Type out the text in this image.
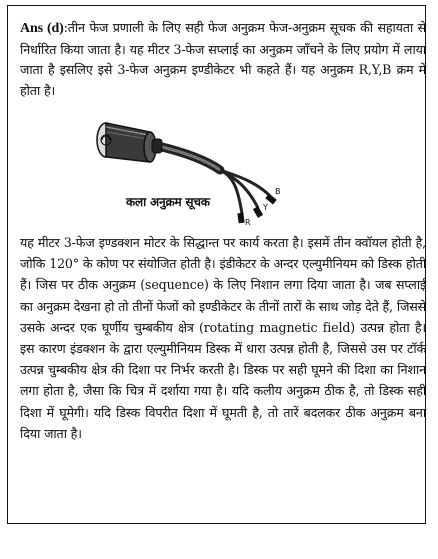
Ans (d):तीन फेज प्रणाली के लिए सही फेज अनुक्रम फेज-अनुक्रम सूचक की सहायता से निर्धारित किया जाता है। यह मीटर 3-फेज सप्लाई का अनुक्रम जाँचने के लिए प्रयोग में लाया जाता है इसलिए इसे 3-फेज अनुक्रम इण्डीकेटर भी कहते हैं। यह अनुक्रम R,Y,B क्रम में होता है।

B
Y
R
कला अनुक्रम सूचक

यह मीटर 3-फेज इण्डक्शन मोटर के सिद्धान्त पर कार्य करता है। इसमें तीन क्वॉयल होती है, जोकि 120° के कोण पर संयोजित होती है। इंडीकेटर के अन्दर एल्युमीनियम को डिस्क होती हैं। जिस पर ठीक अनुक्रम (sequence) के लिए निशान लगा दिया जाता है। जब सप्लाई का अनुक्रम देखना हो तो तीनों फेजों को इण्डीकेटर के तीनों तारों के साथ जोड़ देते हैं, जिससे उसके अन्दर एक घूर्णीय चुम्बकीय क्षेत्र (rotating magnetic field) उत्पन्न होता है। इस कारण इंडक्शन के द्वारा एल्युमीनियम डिस्क में धारा उत्पन्न होती है, जिससे उस पर टॉर्क उत्पन्न चुम्बकीय क्षेत्र की दिशा पर निर्भर करती है। डिस्क पर सही घूमने की दिशा का निशान लगा होता है, जैसा कि चित्र में दर्शाया गया है। यदि कलीय अनुक्रम ठीक है, तो डिस्क सही दिशा में घूमेगी। यदि डिस्क विपरीत दिशा में घूमती है, तो तारें बदलकर ठीक अनुक्रम बना दिया जाता है।
